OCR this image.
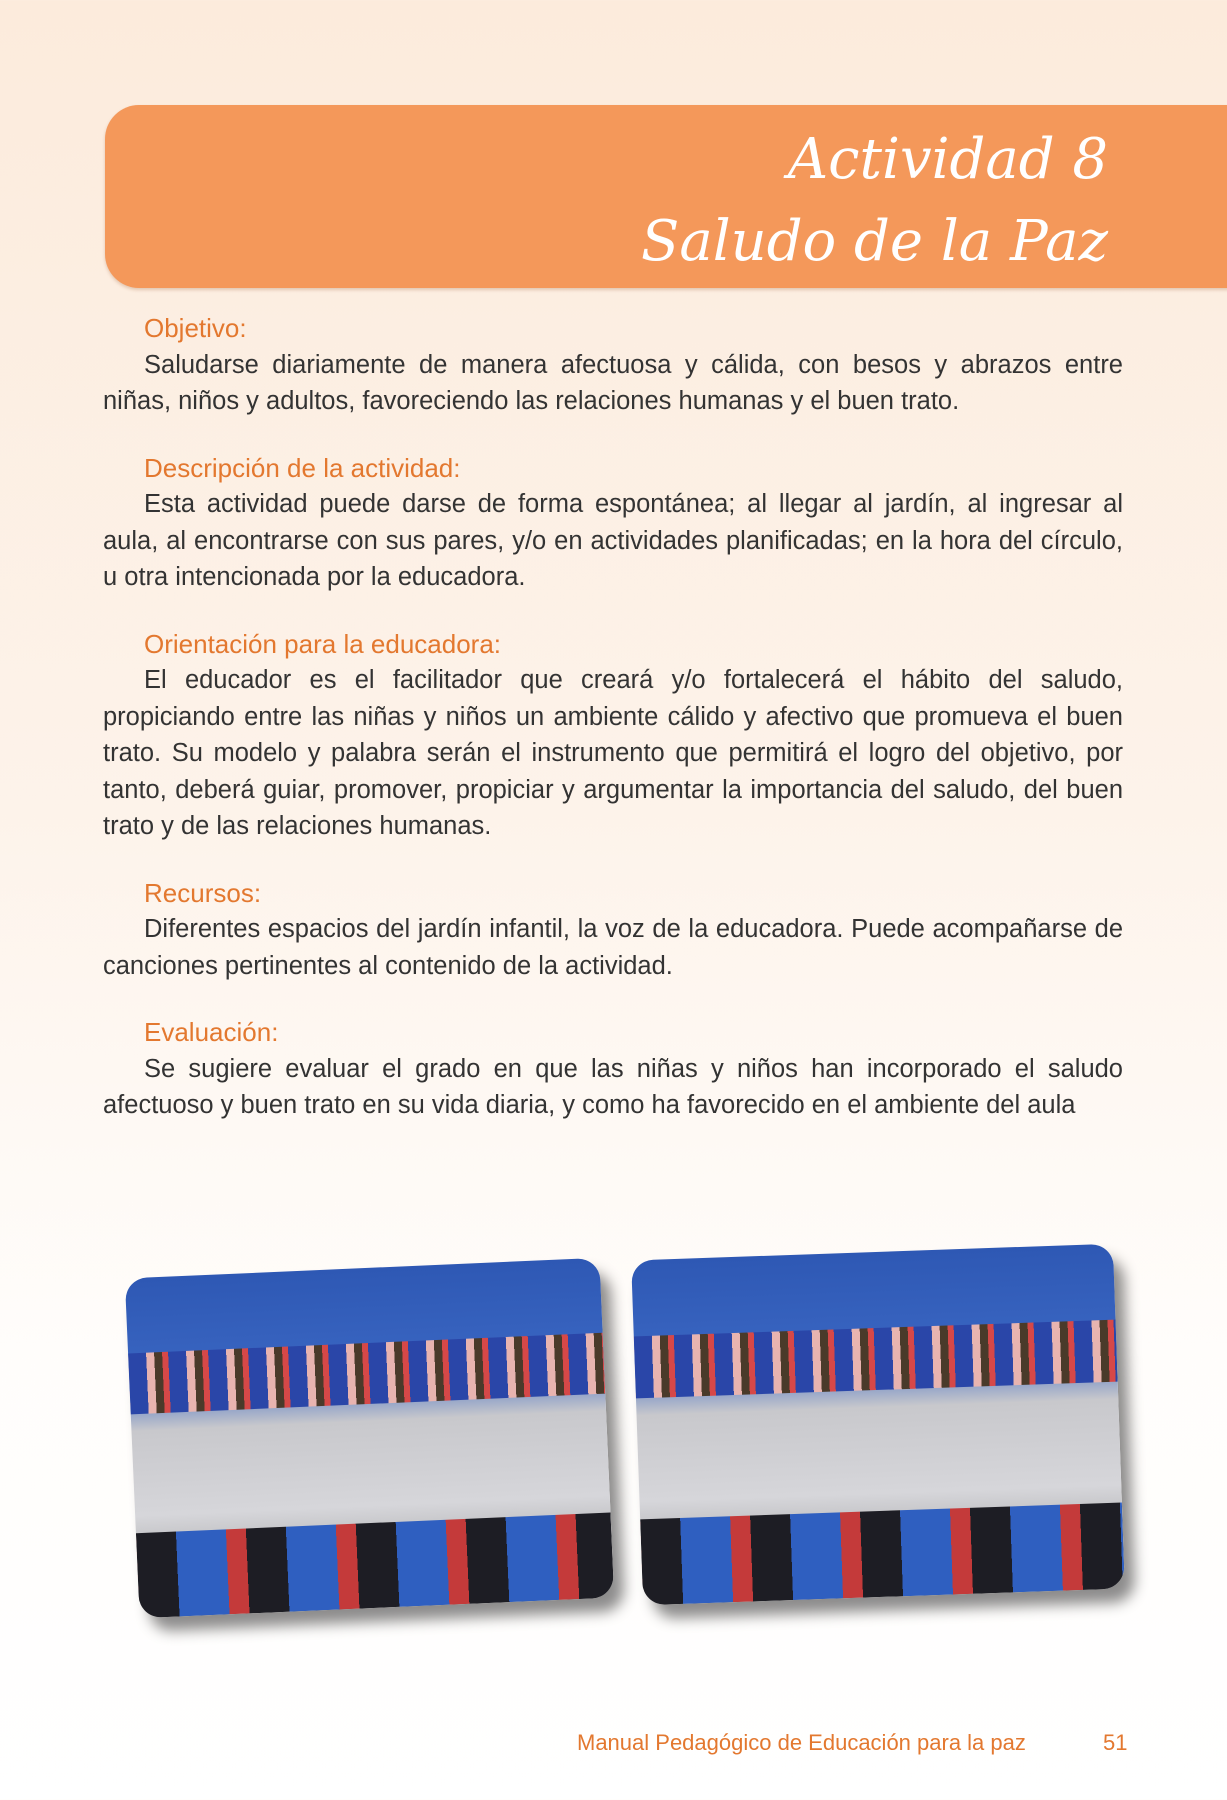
Actividad 8
Saludo de la Paz
Objetivo:
Saludarse diariamente de manera afectuosa y cálida, con besos y abrazos entre niñas, niños y adultos, favoreciendo las relaciones humanas y el buen trato.
Descripción de la actividad:
Esta actividad puede darse de forma espontánea; al llegar al jardín, al ingresar al aula, al encontrarse con sus pares, y/o en actividades planificadas; en la hora del círculo, u otra intencionada por la educadora.
Orientación para la educadora:
El educador es el facilitador que creará y/o fortalecerá el hábito del saludo, propiciando entre las niñas y niños un ambiente cálido y afectivo que promueva el buen trato. Su modelo y palabra serán el instrumento que permitirá el logro del objetivo, por tanto, deberá guiar, promover, propiciar y argumentar la importancia del saludo, del buen trato y de las relaciones humanas.
Recursos:
Diferentes espacios del jardín infantil, la voz de la educadora. Puede acompañarse de canciones pertinentes al contenido de la actividad.
Evaluación:
Se sugiere evaluar el grado en que las niñas y niños han incorporado el saludo afectuoso y buen trato en su vida diaria, y como ha favorecido en el ambiente del aula
Manual Pedagógico de Educación para la paz	51
